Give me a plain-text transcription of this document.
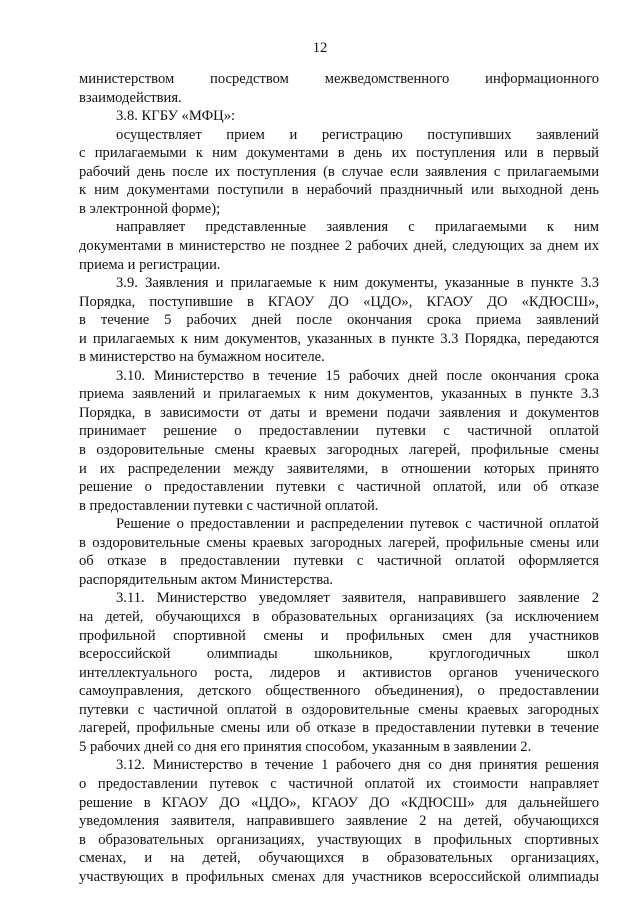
12
министерством посредством межведомственного информационного
взаимодействия.
3.8. КГБУ «МФЦ»:
осуществляет прием и регистрацию поступивших заявлений
с прилагаемыми к ним документами в день их поступления или в первый
рабочий день после их поступления (в случае если заявления с прилагаемыми
к ним документами поступили в нерабочий праздничный или выходной день
в электронной форме);
направляет представленные заявления с прилагаемыми к ним
документами в министерство не позднее 2 рабочих дней, следующих за днем их
приема и регистрации.
3.9. Заявления и прилагаемые к ним документы, указанные в пункте 3.3
Порядка, поступившие в КГАОУ ДО «ЦДО», КГАОУ ДО «КДЮСШ»,
в течение 5 рабочих дней после окончания срока приема заявлений
и прилагаемых к ним документов, указанных в пункте 3.3 Порядка, передаются
в министерство на бумажном носителе.
3.10. Министерство в течение 15 рабочих дней после окончания срока
приема заявлений и прилагаемых к ним документов, указанных в пункте 3.3
Порядка, в зависимости от даты и времени подачи заявления и документов
принимает решение о предоставлении путевки с частичной оплатой
в оздоровительные смены краевых загородных лагерей, профильные смены
и их распределении между заявителями, в отношении которых принято
решение о предоставлении путевки с частичной оплатой, или об отказе
в предоставлении путевки с частичной оплатой.
Решение о предоставлении и распределении путевок с частичной оплатой
в оздоровительные смены краевых загородных лагерей, профильные смены или
об отказе в предоставлении путевки с частичной оплатой оформляется
распорядительным актом Министерства.
3.11. Министерство уведомляет заявителя, направившего заявление 2
на детей, обучающихся в образовательных организациях (за исключением
профильной спортивной смены и профильных смен для участников
всероссийской олимпиады школьников, круглогодичных школ
интеллектуального роста, лидеров и активистов органов ученического
самоуправления, детского общественного объединения), о предоставлении
путевки с частичной оплатой в оздоровительные смены краевых загородных
лагерей, профильные смены или об отказе в предоставлении путевки в течение
5 рабочих дней со дня его принятия способом, указанным в заявлении 2.
3.12. Министерство в течение 1 рабочего дня со дня принятия решения
о предоставлении путевок с частичной оплатой их стоимости направляет
решение в КГАОУ ДО «ЦДО», КГАОУ ДО «КДЮСШ» для дальнейшего
уведомления заявителя, направившего заявление 2 на детей, обучающихся
в образовательных организациях, участвующих в профильных спортивных
сменах, и на детей, обучающихся в образовательных организациях,
участвующих в профильных сменах для участников всероссийской олимпиады
